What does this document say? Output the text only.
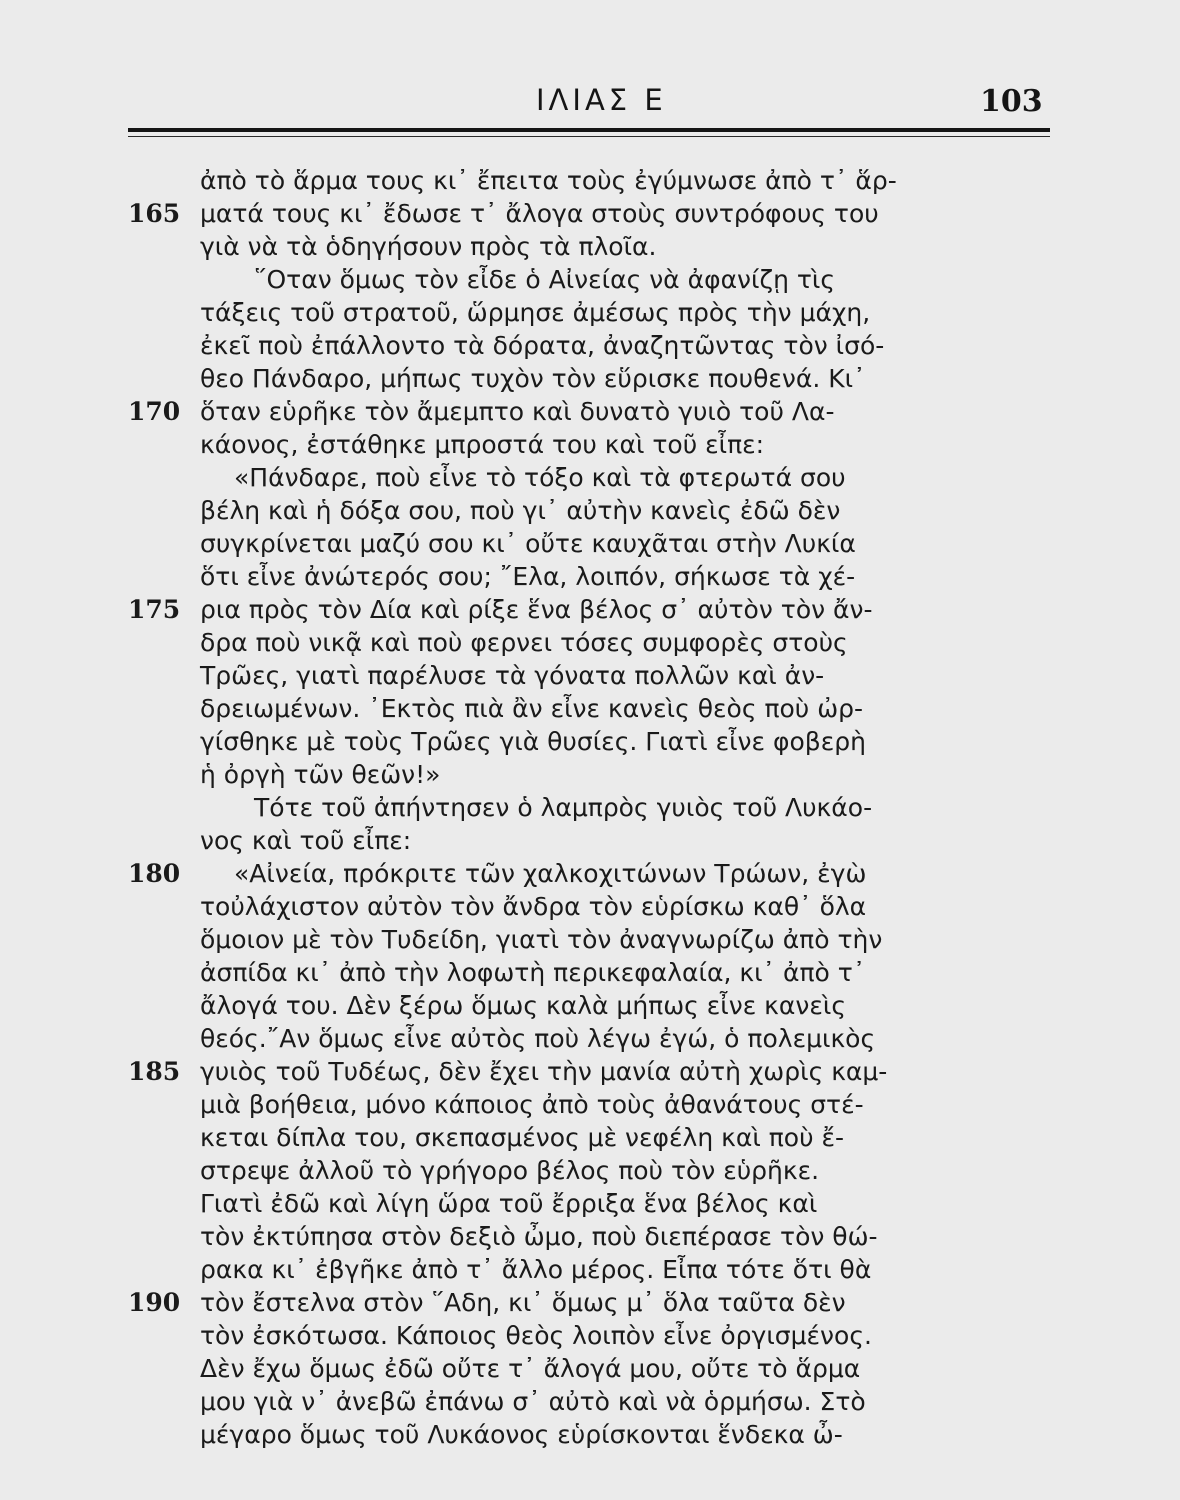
ΙΛΙΑΣ Ε	103
ἀπὸ τὸ ἅρμα τους κι᾿ ἔπειτα τοὺς ἐγύμνωσε ἀπὸ τ᾿ ἅρ-
165 ματά τους κι᾿ ἔδωσε τ᾿ ἄλογα στοὺς συντρόφους του
γιὰ νὰ τὰ ὁδηγήσουν πρὸς τὰ πλοῖα.
῞Οταν ὅμως τὸν εἶδε ὁ Αἰνείας νὰ ἀφανίζῃ τὶς
τάξεις τοῦ στρατοῦ, ὥρμησε ἀμέσως πρὸς τὴν μάχη,
ἐκεῖ ποὺ ἐπάλλοντο τὰ δόρατα, ἀναζητῶντας τὸν ἰσό-
θεο Πάνδαρο, μήπως τυχὸν τὸν εὕρισκε πουθενά. Κι᾿
170 ὅταν εὑρῆκε τὸν ἄμεμπτο καὶ δυνατὸ γυιὸ τοῦ Λα-
κάονος, ἐστάθηκε μπροστά του καὶ τοῦ εἶπε:
«Πάνδαρε, ποὺ εἶνε τὸ τόξο καὶ τὰ φτερωτά σου
βέλη καὶ ἡ δόξα σου, ποὺ γι᾿ αὐτὴν κανεὶς ἐδῶ δὲν
συγκρίνεται μαζύ σου κι᾿ οὔτε καυχᾶται στὴν Λυκία
ὅτι εἶνε ἀνώτερός σου; ῎Ελα, λοιπόν, σήκωσε τὰ χέ-
175 ρια πρὸς τὸν Δία καὶ ρίξε ἕνα βέλος σ᾿ αὐτὸν τὸν ἄν-
δρα ποὺ νικᾷ καὶ ποὺ φερνει τόσες συμφορὲς στοὺς
Τρῶες, γιατὶ παρέλυσε τὰ γόνατα πολλῶν καὶ ἀν-
δρειωμένων. ᾿Εκτὸς πιὰ ἂν εἶνε κανεὶς θεὸς ποὺ ὠρ-
γίσθηκε μὲ τοὺς Τρῶες γιὰ θυσίες. Γιατὶ εἶνε φοβερὴ
ἡ ὀργὴ τῶν θεῶν!»
Τότε τοῦ ἀπήντησεν ὁ λαμπρὸς γυιὸς τοῦ Λυκάο-
νος καὶ τοῦ εἶπε:
180	«Αἰνεία, πρόκριτε τῶν χαλκοχιτώνων Τρώων, ἐγὼ
τοὐλάχιστον αὐτὸν τὸν ἄνδρα τὸν εὑρίσκω καθ᾿ ὅλα
ὅμοιον μὲ τὸν Τυδείδη, γιατὶ τὸν ἀναγνωρίζω ἀπὸ τὴν
ἀσπίδα κι᾿ ἀπὸ τὴν λοφωτὴ περικεφαλαία, κι᾿ ἀπὸ τ᾿
ἄλογά του. Δὲν ξέρω ὅμως καλὰ μήπως εἶνε κανεὶς
θεός.῎Αν ὅμως εἶνε αὐτὸς ποὺ λέγω ἐγώ, ὁ πολεμικὸς
185 γυιὸς τοῦ Τυδέως, δὲν ἔχει τὴν μανία αὐτὴ χωρὶς καμ-
μιὰ βοήθεια, μόνο κάποιος ἀπὸ τοὺς ἀθανάτους στέ-
κεται δίπλα του, σκεπασμένος μὲ νεφέλη καὶ ποὺ ἔ-
στρεψε ἀλλοῦ τὸ γρήγορο βέλος ποὺ τὸν εὑρῆκε.
Γιατὶ ἐδῶ καὶ λίγη ὥρα τοῦ ἔρριξα ἕνα βέλος καὶ
τὸν ἐκτύπησα στὸν δεξιὸ ὦμο, ποὺ διεπέρασε τὸν θώ-
ρακα κι᾿ ἐβγῆκε ἀπὸ τ᾿ ἄλλο μέρος. Εἶπα τότε ὅτι θὰ
190 τὸν ἔστελνα στὸν ῞Αδη, κι᾿ ὅμως μ᾿ ὅλα ταῦτα δὲν
τὸν ἐσκότωσα. Κάποιος θεὸς λοιπὸν εἶνε ὀργισμένος.
Δὲν ἔχω ὅμως ἐδῶ οὔτε τ᾿ ἄλογά μου, οὔτε τὸ ἅρμα
μου γιὰ ν᾿ ἀνεβῶ ἐπάνω σ᾿ αὐτὸ καὶ νὰ ὁρμήσω. Στὸ
μέγαρο ὅμως τοῦ Λυκάονος εὑρίσκονται ἕνδεκα ὦ-
